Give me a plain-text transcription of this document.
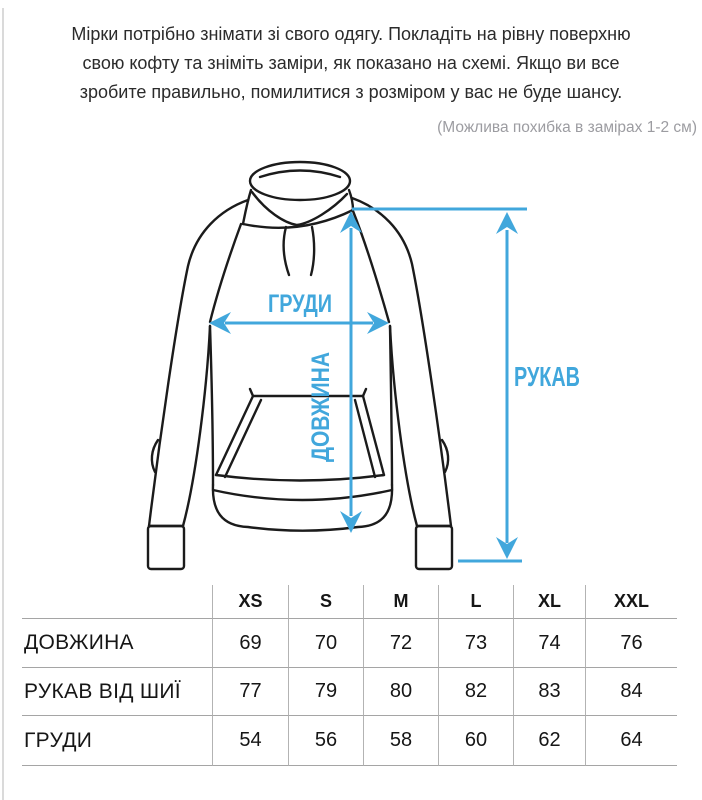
Мірки потрібно знімати зі свого одягу. Покладіть на рівну поверхню
свою кофту та зніміть заміри, як показано на схемі. Якщо ви все
зробите правильно, помилитися з розміром у вас не буде шансу.
(Можлива похибка в замірах 1-2 см)
ГРУДИ
ДОВЖИНА	РУКАВ
XS	S	M	L	XL	XXL
ДОВЖИНА	69	70	72	73	74	76
РУКАВ ВІД ШИЇ	77	79	80	82	83	84
ГРУДИ	54	56	58	60	62	64
